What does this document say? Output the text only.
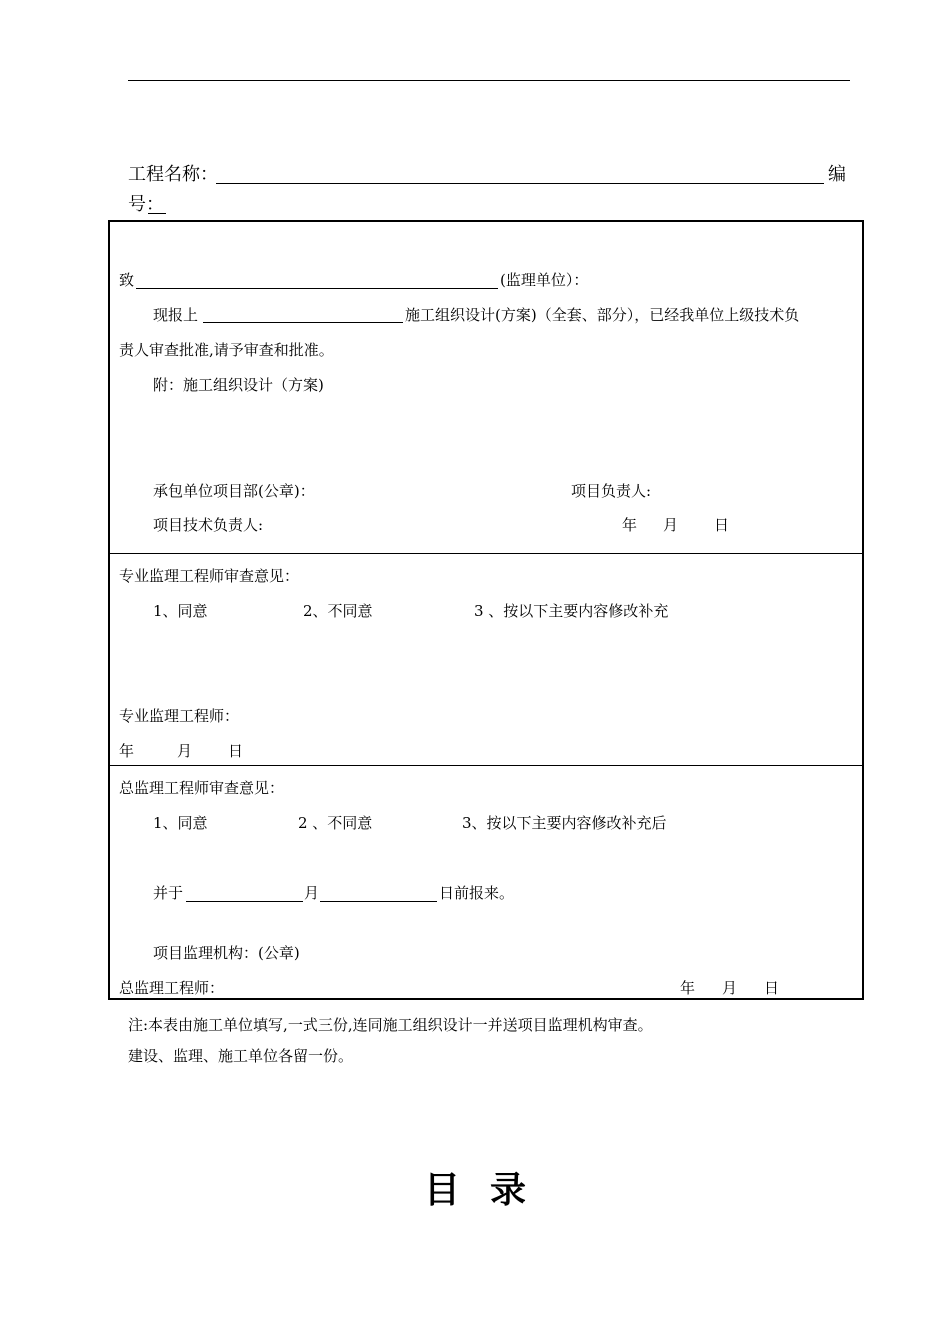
工程名称：	编
号：
致	(监理单位）：
现报上	施工组织设计(方案)（全套、部分），已经我单位上级技术负
责人审查批准,请予审查和批准。
附：施工组织设计（方案)
承包单位项目部(公章)：	项目负责人:
项目技术负责人:	年 月 日
专业监理工程师审查意见：
1、同意	2、不同意	3 、按以下主要内容修改补充
专业监理工程师：
年	月 日
总监理工程师审查意见：
1、同意	2 、不同意	3、按以下主要内容修改补充后
并于	月	日前报来。
项目监理机构：(公章)
总监理工程师：	年 月 日
注:本表由施工单位填写,一式三份,连同施工组织设计一并送项目监理机构审查。
建设、监理、施工单位各留一份。
目录
